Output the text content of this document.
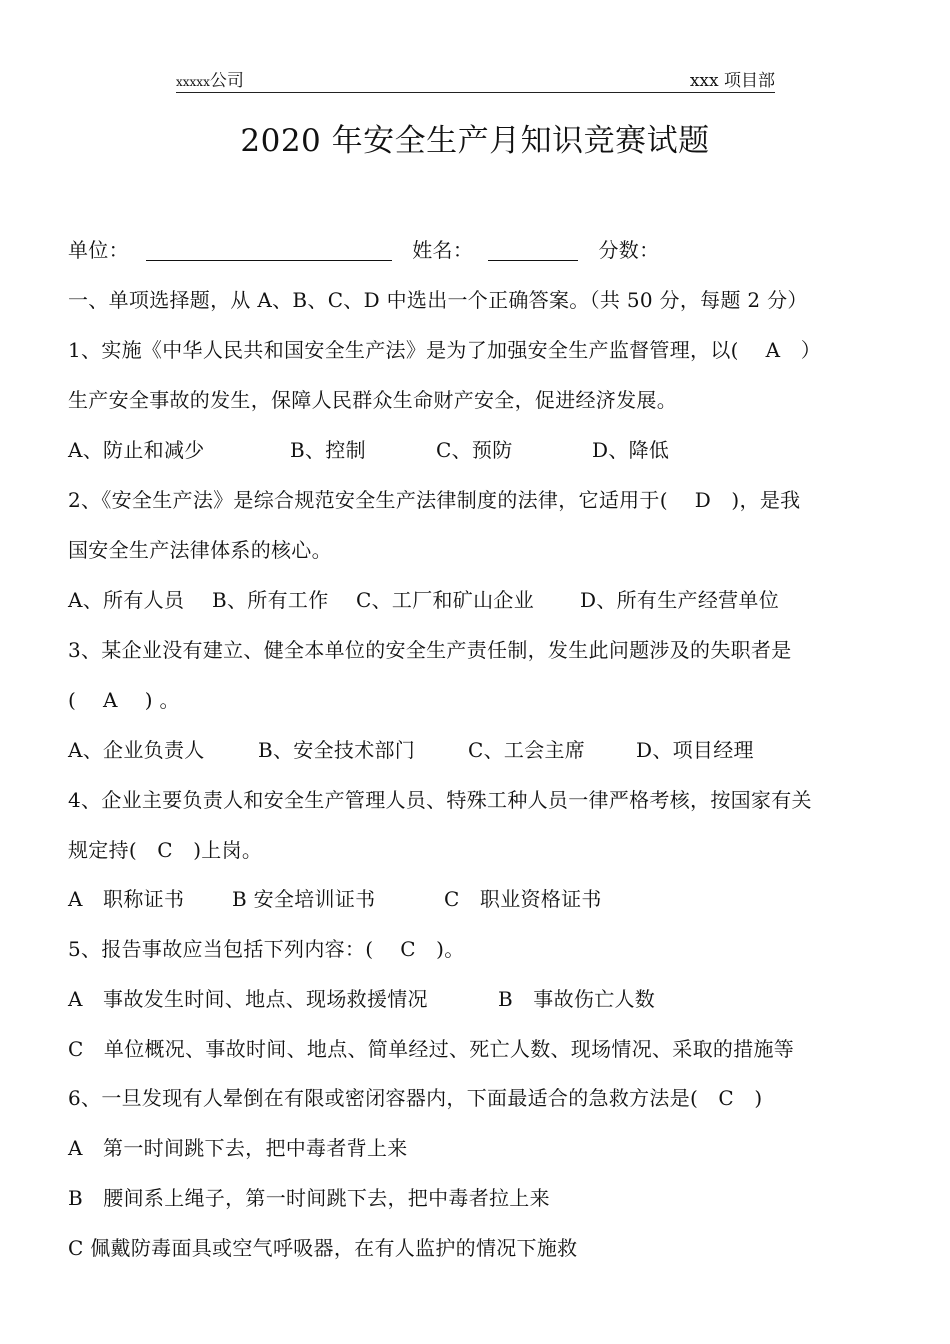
xxxxx公司	xxx 项目部
2020 年安全生产月知识竞赛试题
单位：	姓名：	分数：
一、单项选择题，从 A、B、C、D 中选出一个正确答案。（共 50 分，每题 2 分）
1、实施《中华人民共和国安全生产法》是为了加强安全生产监督管理，以(　 A　）
生产安全事故的发生，保障人民群众生命财产安全，促进经济发展。
A、防止和减少	B、控制	C、预防	D、降低
2、《安全生产法》是综合规范安全生产法律制度的法律，它适用于(　 D　)，是我
国安全生产法律体系的核心。
A、所有人员 B、所有工作 C、工厂和矿山企业 D、所有生产经营单位
3、某企业没有建立、健全本单位的安全生产责任制，发生此问题涉及的失职者是
( 　A　 ) 。
A、企业负责人	B、安全技术部门	C、工会主席	D、项目经理
4、企业主要负责人和安全生产管理人员、特殊工种人员一律严格考核，按国家有关
规定持(　C　)上岗。
A　职称证书 B 安全培训证书	C　职业资格证书
5、报告事故应当包括下列内容：(　 C　)。
A　事故发生时间、地点、现场救援情况	B　事故伤亡人数
C　单位概况、事故时间、地点、简单经过、死亡人数、现场情况、采取的措施等
6、一旦发现有人晕倒在有限或密闭容器内，下面最适合的急救方法是(　C　)
A　第一时间跳下去，把中毒者背上来
B　腰间系上绳子，第一时间跳下去，把中毒者拉上来
C 佩戴防毒面具或空气呼吸器，在有人监护的情况下施救
